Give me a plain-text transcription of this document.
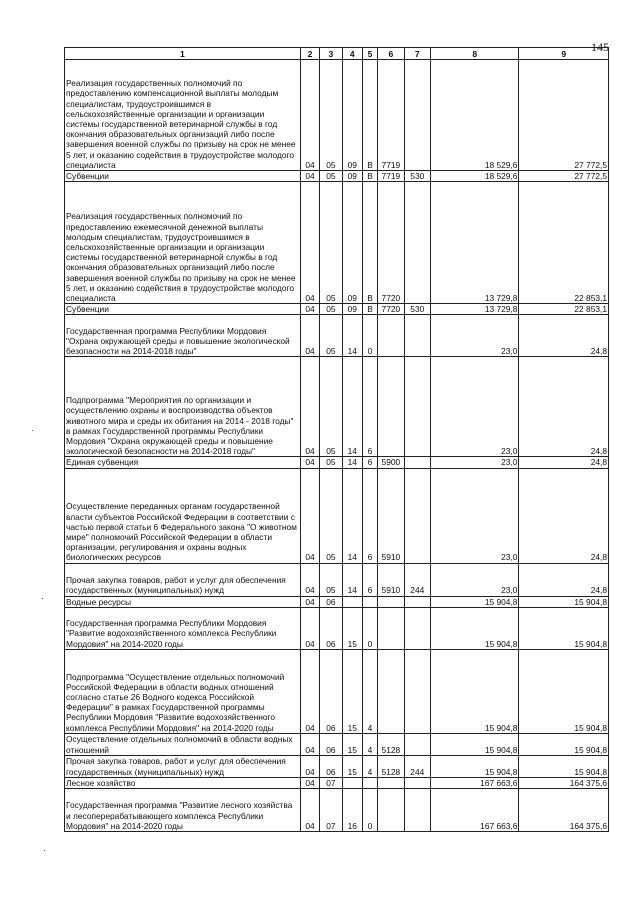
145
1	2	3	4	5	6	7	8	9
Реализация государственных полномочий по предоставлению компенсационной выплаты молодым специалистам, трудоустроившимся в сельскохозяйственные организации и организации системы государственной ветеринарной службы в год окончания образовательных организаций либо после завершения военной службы по призыву на срок не менее 5 лет, и оказанию содействия в трудоустройстве молодого специалиста	04	05	09	В	7719		18 529,6	27 772,5
Субвенции	04	05	09	В	7719	530	18 529,6	27 772,5
Реализация государственных полномочий по предоставлению ежемесячной денежной выплаты молодым специалистам, трудоустроившимся в сельскохозяйственные организации и организации системы государственной ветеринарной службы в год окончания образовательных организаций либо после завершения военной службы по призыву на срок не менее 5 лет, и оказанию содействия в трудоустройстве молодого специалиста	04	05	09	В	7720		13 729,8	22 853,1
Субвенции	04	05	09	В	7720	530	13 729,8	22 853,1
Государственная программа Республики Мордовия "Охрана окружающей среды и повышение экологической безопасности на 2014-2018 годы"	04	05	14	0			23,0	24,8
Подпрограмма "Мероприятия по организации и осуществлению охраны и воспроизводства объектов животного мира и среды их обитания на 2014 - 2018 годы" в рамках Государственной программы Республики Мордовия "Охрана окружающей среды и повышение экологической безопасности на 2014-2018 годы"	04	05	14	6			23,0	24,8
Единая субвенция	04	05	14	6	5900		23,0	24,8
Осуществление переданных органам государственной власти субъектов Российской Федерации в соответствии с частью первой статьи 6 Федерального закона "О животном мире" полномочий Российской Федерации в области организации, регулирования и охраны водных биологических ресурсов	04	05	14	6	5910		23,0	24,8
Прочая закупка товаров, работ и услуг для обеспечения государственных (муниципальных) нужд	04	05	14	6	5910	244	23,0	24,8
Водные ресурсы	04	06					15 904,8	15 904,8
Государственная программа Республики Мордовия "Развитие водохозяйственного комплекса Республики Мордовия" на 2014-2020 годы	04	06	15	0			15 904,8	15 904,8
Подпрограмма "Осуществление отдельных полномочий Российской Федерации в области водных отношений согласно статье 26 Водного кодекса Российской Федерации" в рамках Государственной программы Республики Мордовия "Развитие водохозяйственного комплекса Республики Мордовия" на 2014-2020 годы	04	06	15	4			15 904,8	15 904,8
Осуществление отдельных полномочий в области водных отношений	04	06	15	4	5128		15 904,8	15 904,8
Прочая закупка товаров, работ и услуг для обеспечения государственных (муниципальных) нужд	04	06	15	4	5128	244	15 904,8	15 904,8
Лесное хозяйство	04	07					167 663,6	164 375,6
Государственная программа "Развитие лесного хозяйства и лесоперерабатывающего комплекса Республики Мордовия" на 2014-2020 годы	04	07	16	0			167 663,6	164 375,6
